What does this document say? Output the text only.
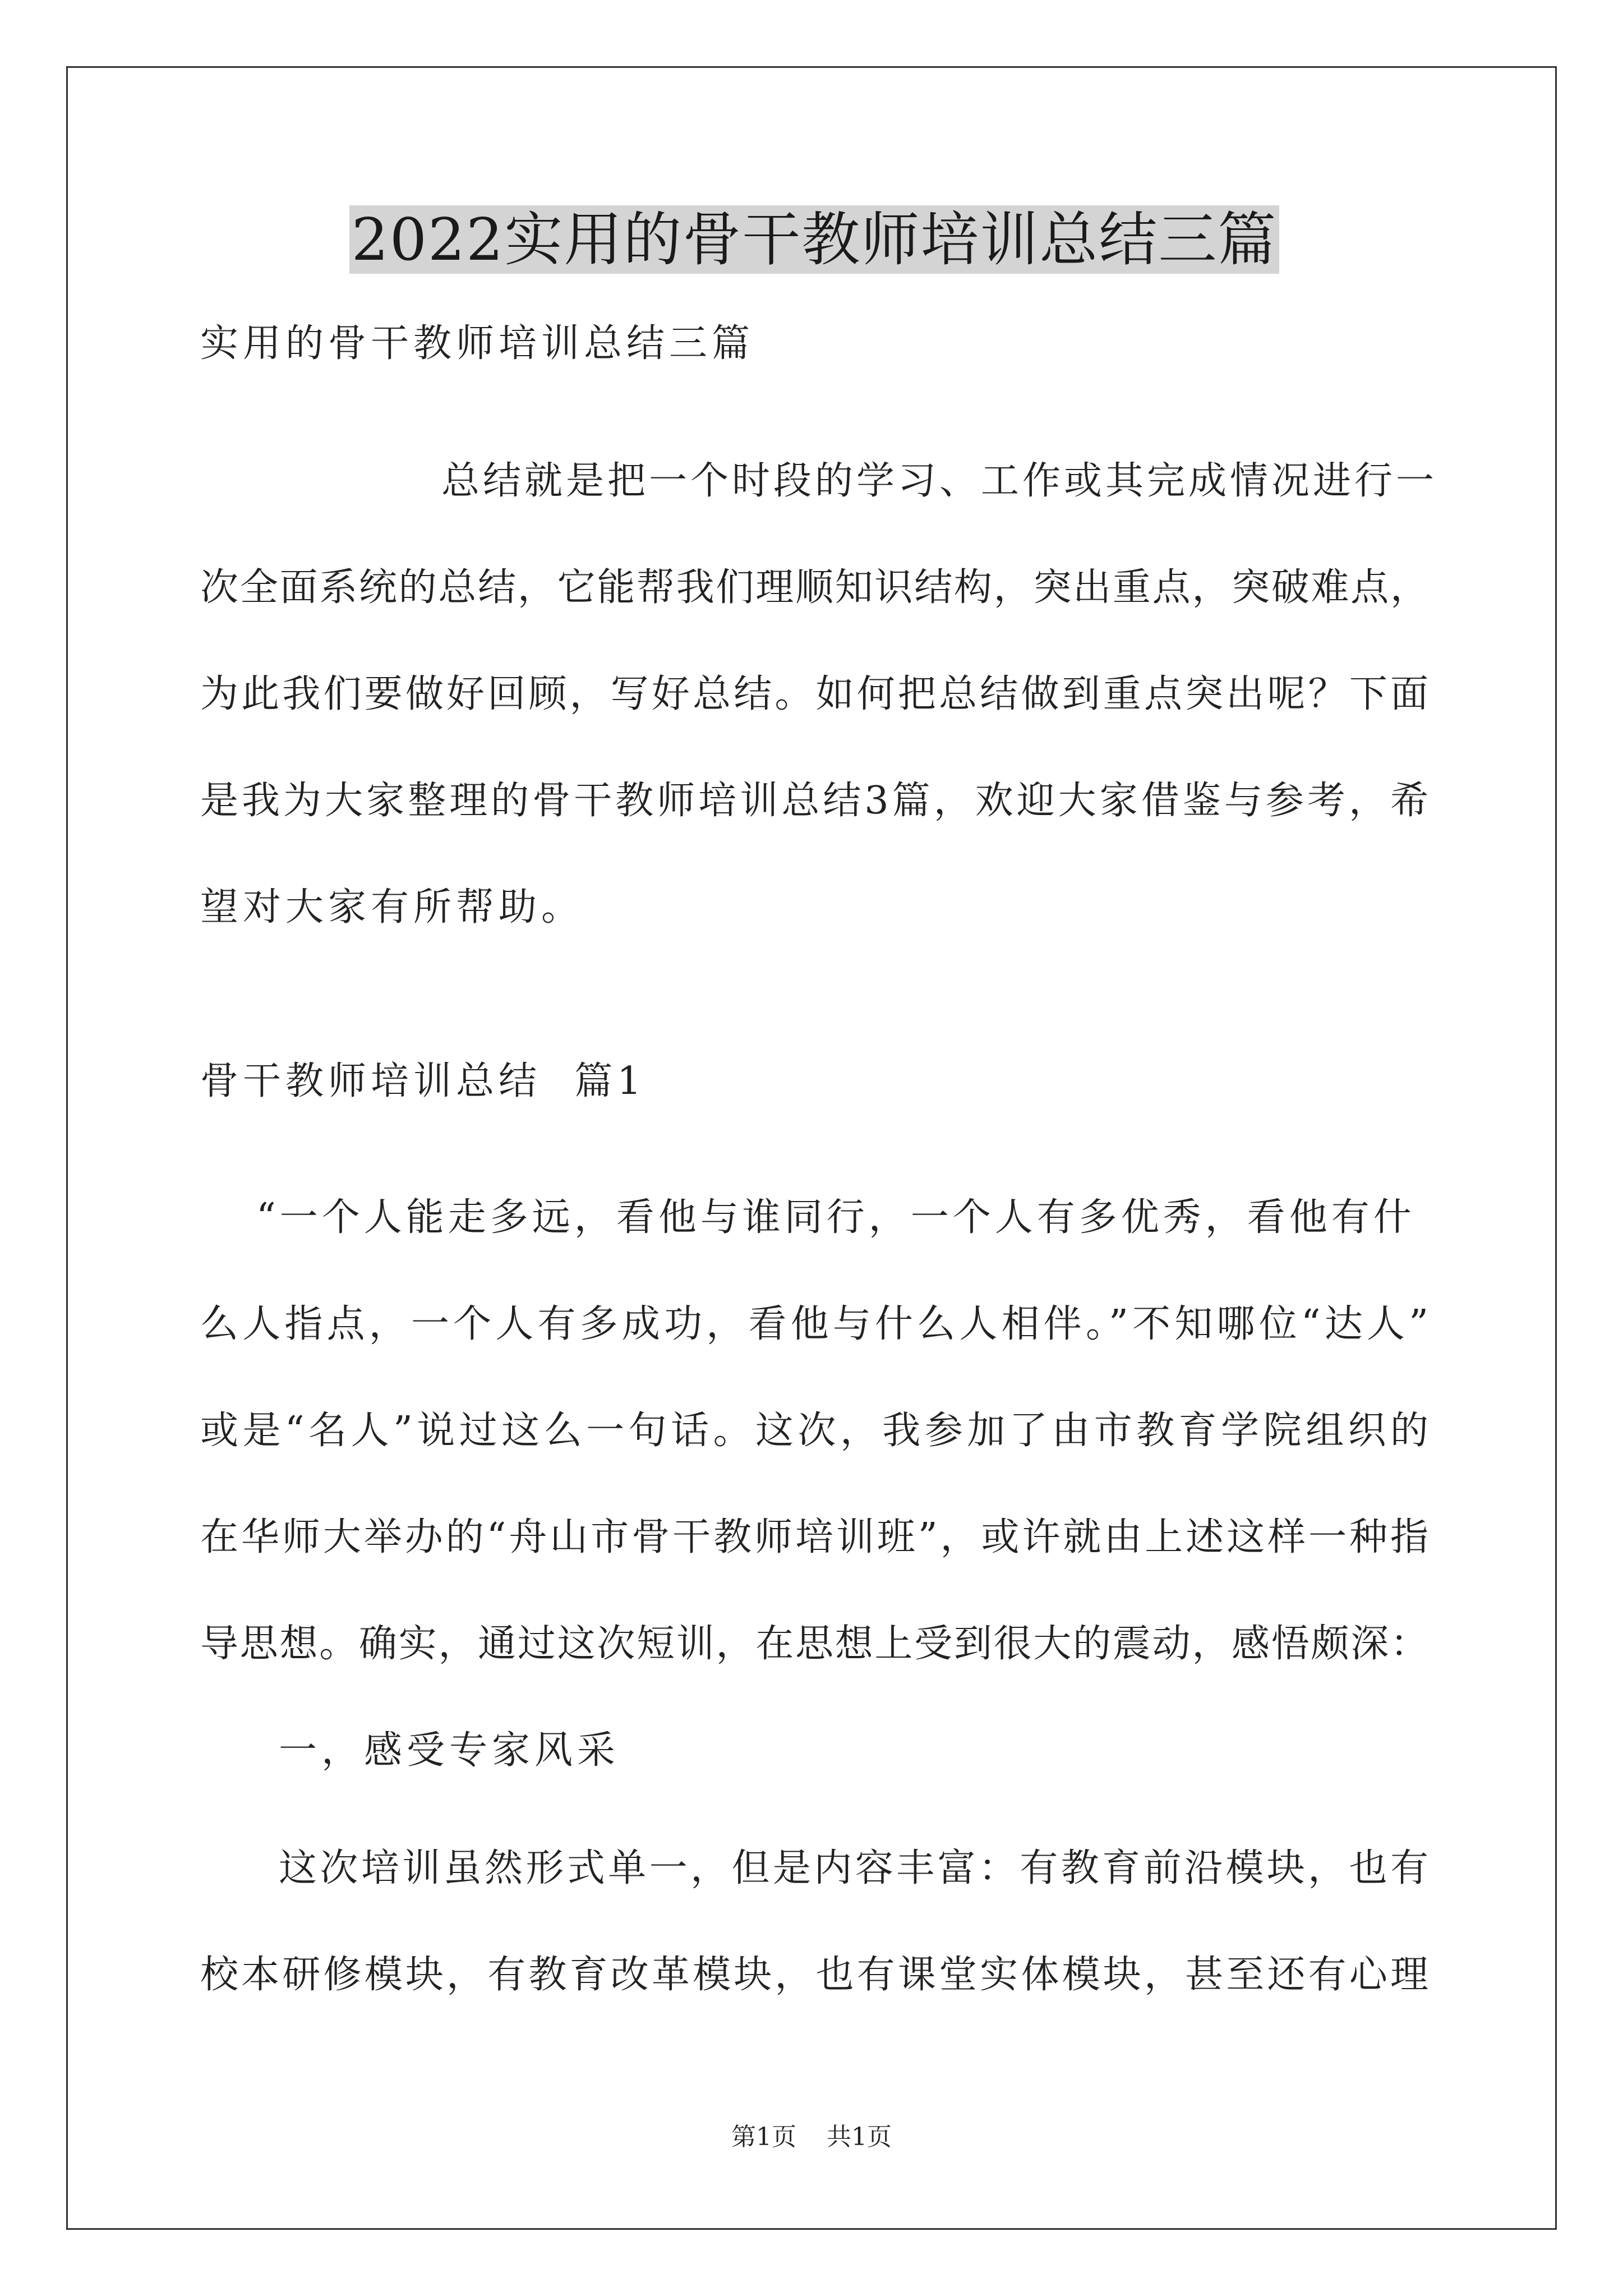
2022实用的骨干教师培训总结三篇
实用的骨干教师培训总结三篇
总结就是把一个时段的学习、工作或其完成情况进行一
次全面系统的总结，它能帮我们理顺知识结构，突出重点，突破难点，
为此我们要做好回顾，写好总结。如何把总结做到重点突出呢？下面
是我为大家整理的骨干教师培训总结3篇，欢迎大家借鉴与参考，希
望对大家有所帮助。
骨干教师培训总结  篇1
“一个人能走多远，看他与谁同行，一个人有多优秀，看他有什
么人指点，一个人有多成功，看他与什么人相伴。”不知哪位“达人”
或是“名人”说过这么一句话。这次，我参加了由市教育学院组织的
在华师大举办的“舟山市骨干教师培训班”，或许就由上述这样一种指
导思想。确实，通过这次短训，在思想上受到很大的震动，感悟颇深：
一，感受专家风采
这次培训虽然形式单一，但是内容丰富：有教育前沿模块，也有
校本研修模块，有教育改革模块，也有课堂实体模块，甚至还有心理
第1页 共1页
